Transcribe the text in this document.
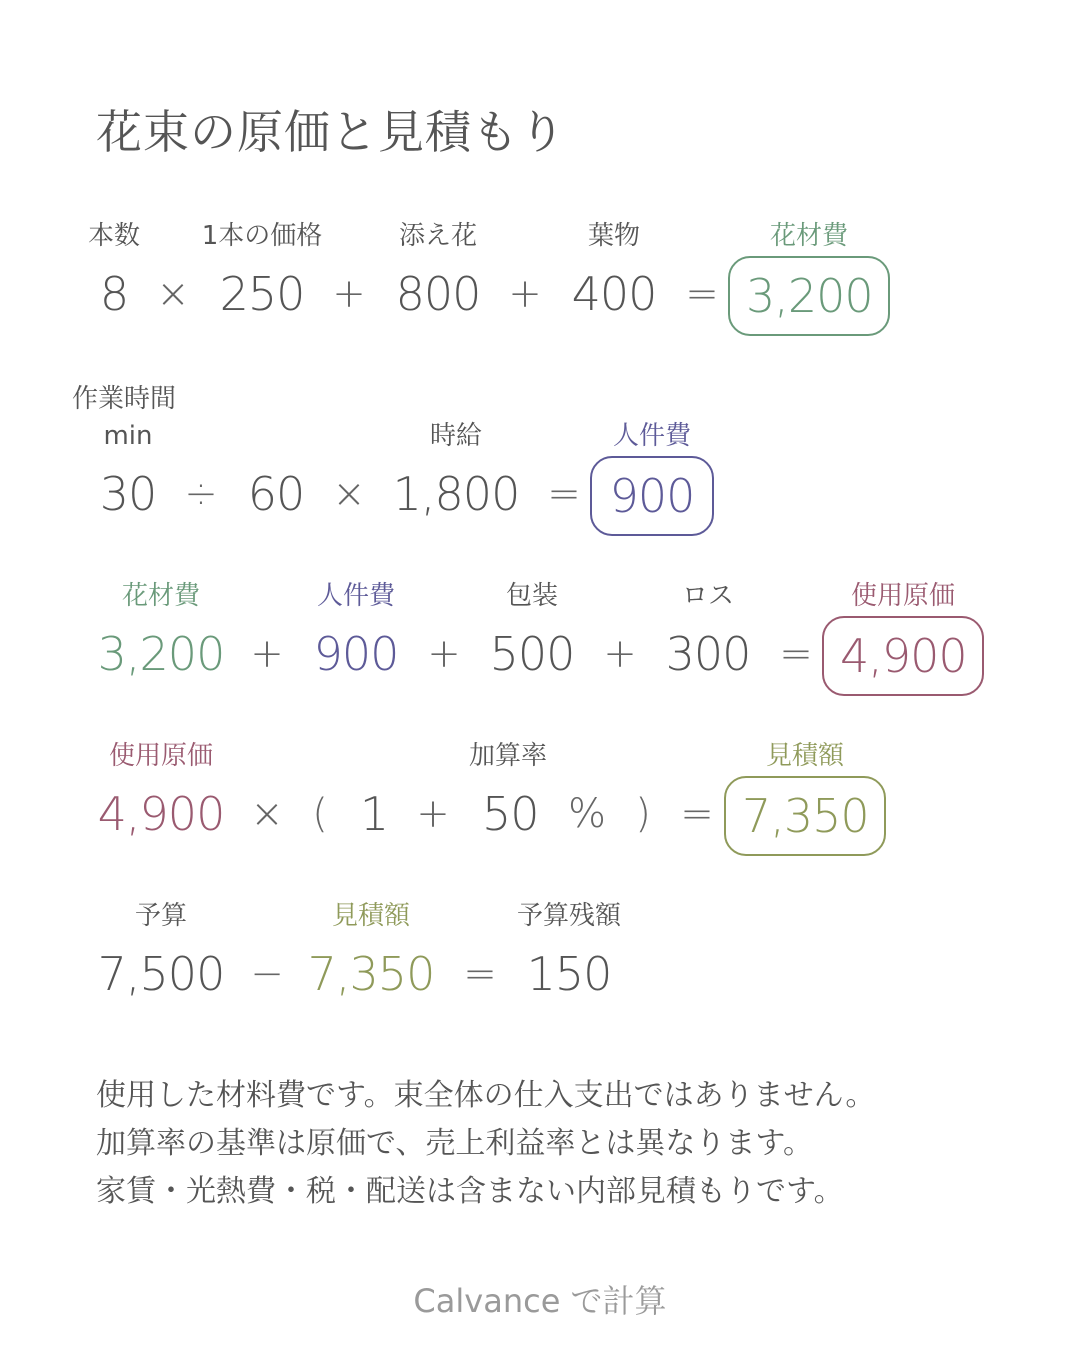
花束の原価と見積もり
本数
8 ×
1本の価格
250 +
添え花
800 +
葉物
400 =
花材費
3,200
作業時間
min
30 ÷ 60 ×
時給
1,800 =
人件費
900
花材費
3,200 +
人件費
900 +
包装
500 +
ロス
300 =
使用原価
4,900
使用原価
4,900 × ( 1 +
加算率
50 % ) =
見積額
7,350
予算
7,500 −
見積額
7,350 =
予算残額
150
使用した材料費です。束全体の仕入支出ではありません。
加算率の基準は原価で、売上利益率とは異なります。
家賃・光熱費・税・配送は含まない内部見積もりです。
Calvance で計算
